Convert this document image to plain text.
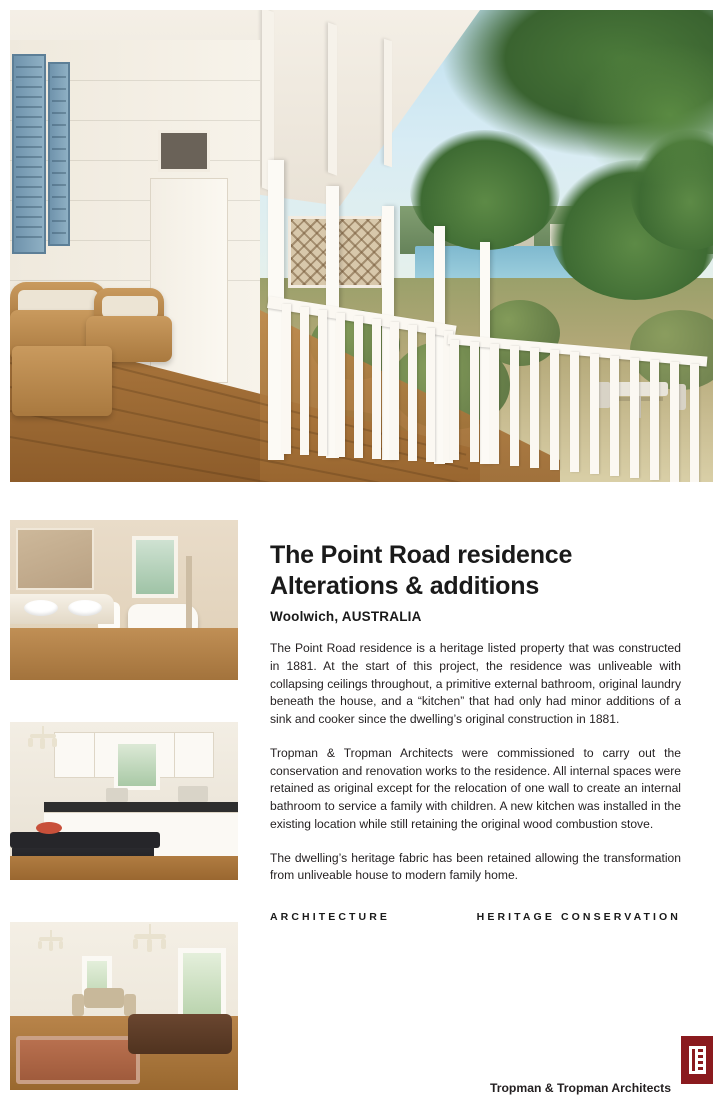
The Point Road residence
Alterations & additions

Woolwich, AUSTRALIA

The Point Road residence is a heritage listed property that was constructed in 1881. At the start of this project, the residence was unliveable with collapsing ceilings throughout, a primitive external bathroom, original laundry beneath the house, and a “kitchen” that had only had minor additions of a sink and cooker since the dwelling’s original construction in 1881.

Tropman & Tropman Architects were commissioned to carry out the conservation and renovation works to the residence. All internal spaces were retained as original except for the relocation of one wall to create an internal bathroom to service a family with children. A new kitchen was installed in the existing location while still retaining the original wood combustion stove.

The dwelling’s heritage fabric has been retained allowing the transformation from unliveable house to modern family home.

ARCHITECTURE	HERITAGE CONSERVATION
Tropman & Tropman Architects
